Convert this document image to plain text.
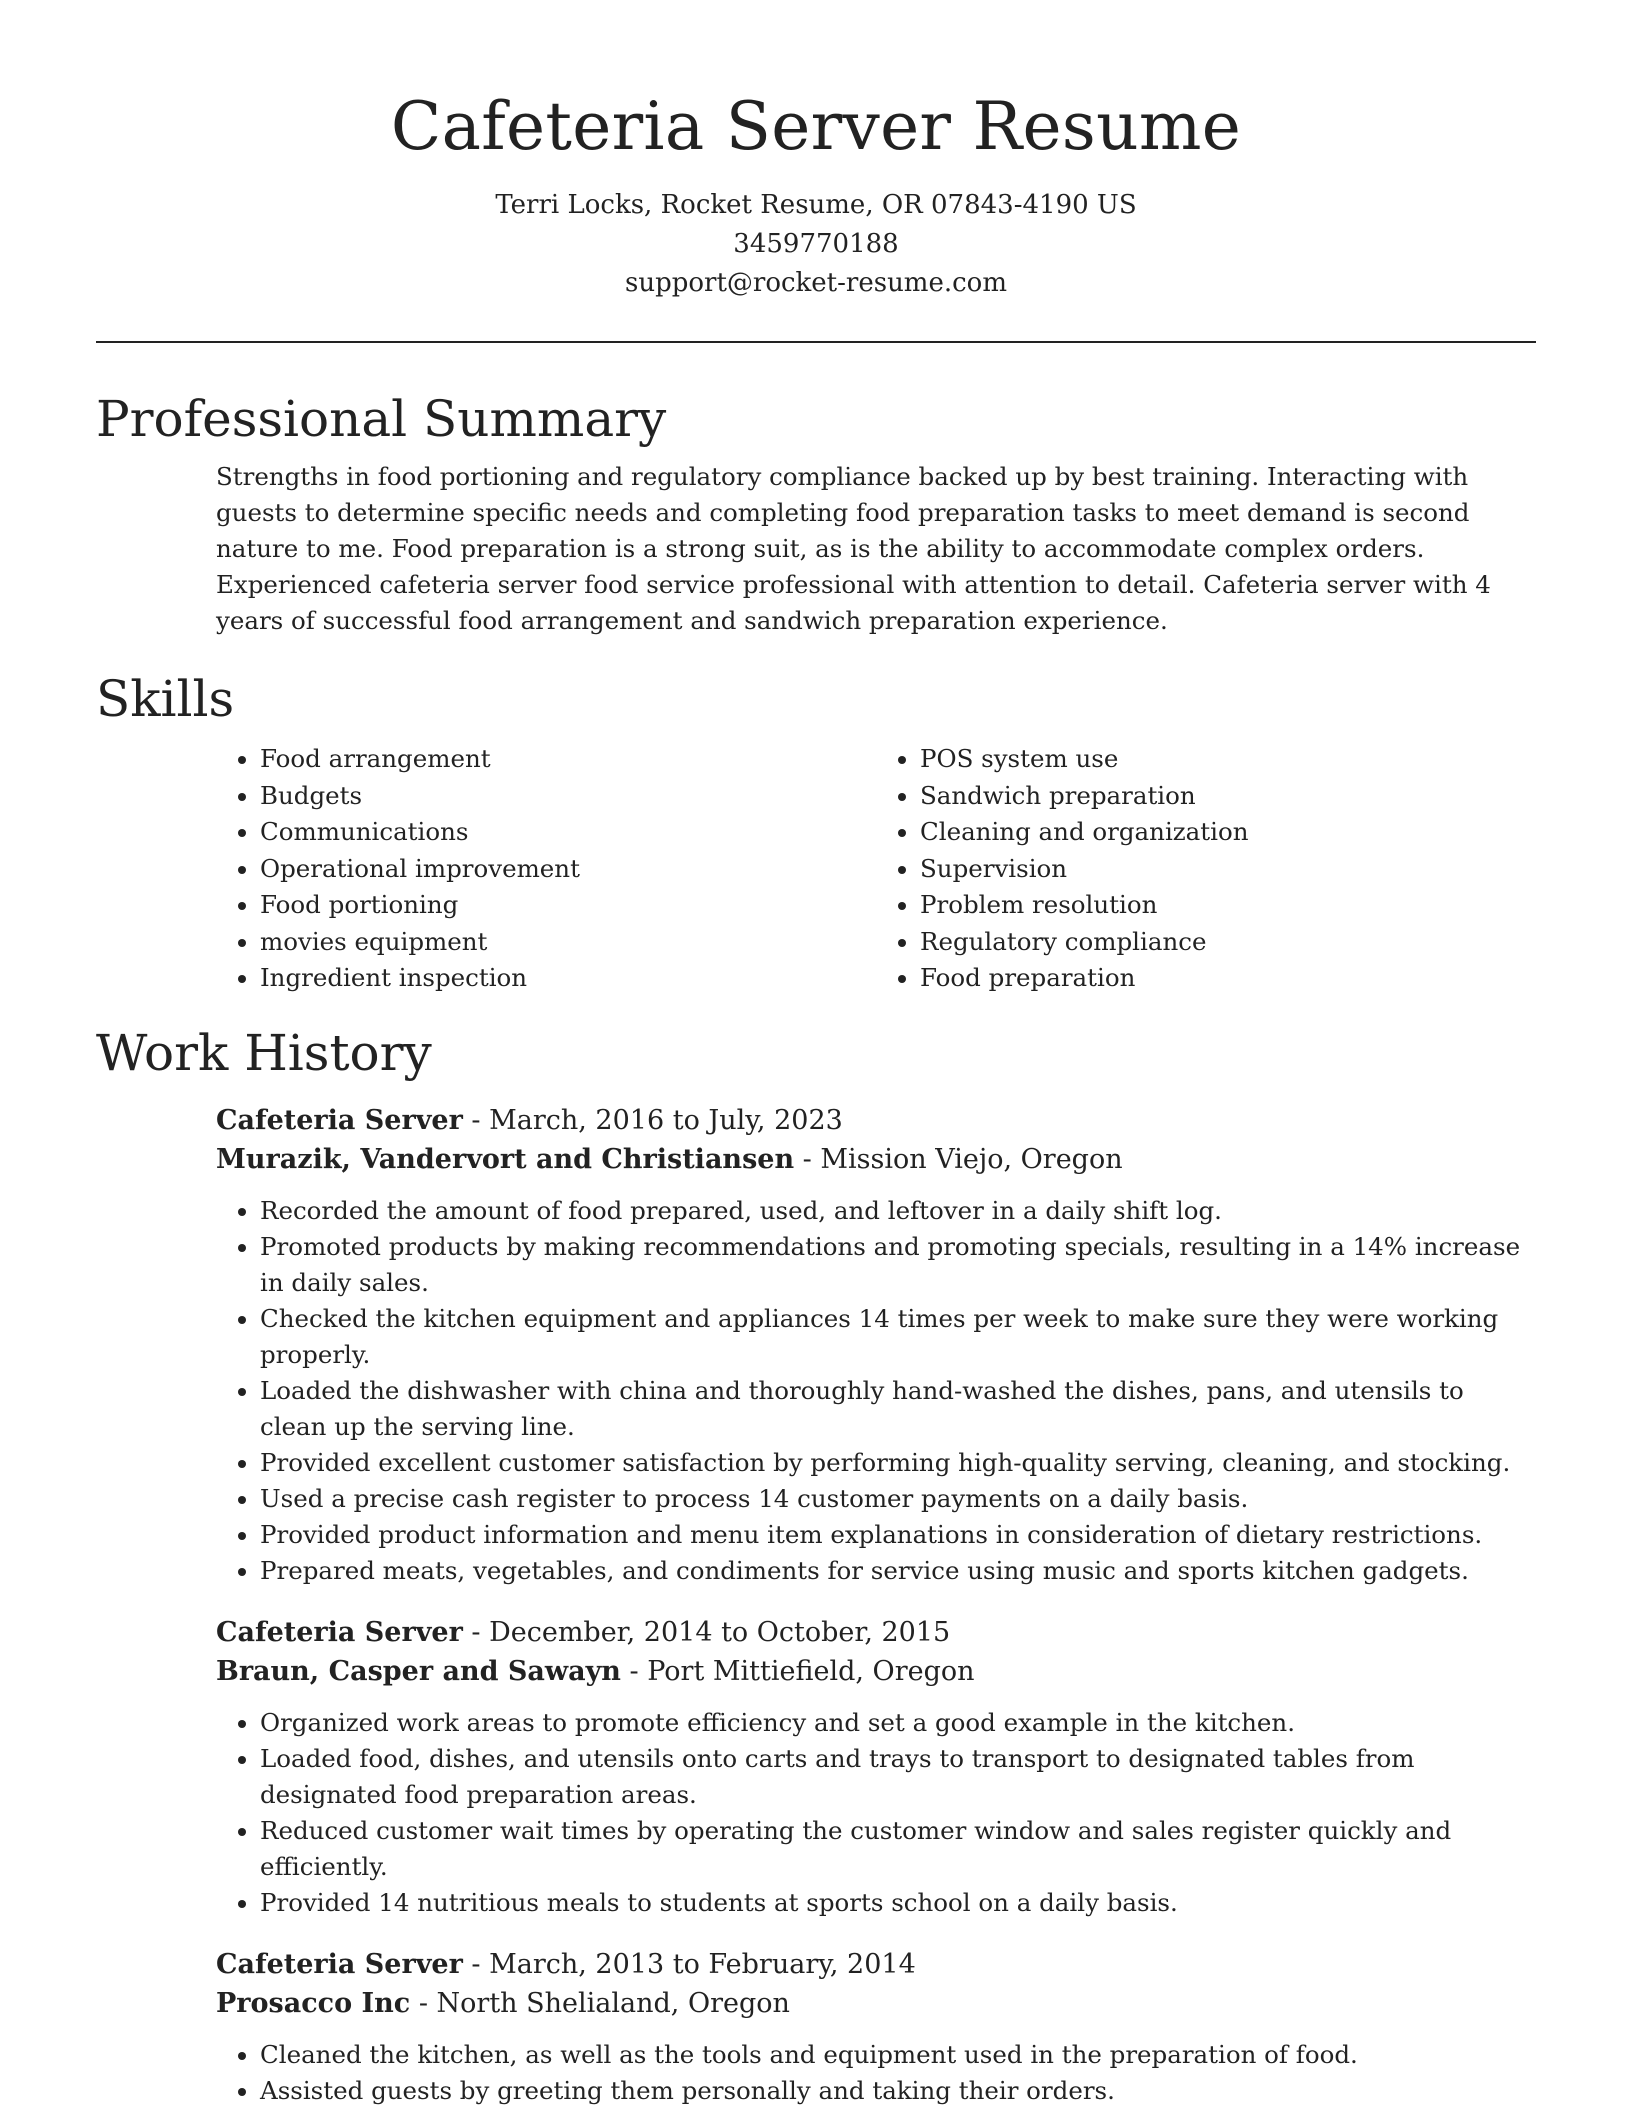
Cafeteria Server Resume
Terri Locks, Rocket Resume, OR 07843-4190 US
3459770188
support@rocket-resume.com
Professional Summary

Strengths in food portioning and regulatory compliance backed up by best training. Interacting with guests to determine specific needs and completing food preparation tasks to meet demand is second nature to me. Food preparation is a strong suit, as is the ability to accommodate complex orders. Experienced cafeteria server food service professional with attention to detail. Cafeteria server with 4 years of successful food arrangement and sandwich preparation experience.

Skills
• Food arrangement
• Budgets
• Communications
• Operational improvement
• Food portioning
• movies equipment
• Ingredient inspection
• POS system use
• Sandwich preparation
• Cleaning and organization
• Supervision
• Problem resolution
• Regulatory compliance
• Food preparation
Work History
Cafeteria Server - March, 2016 to July, 2023
Murazik, Vandervort and Christiansen - Mission Viejo, Oregon
• Recorded the amount of food prepared, used, and leftover in a daily shift log.
• Promoted products by making recommendations and promoting specials, resulting in a 14% increase in daily sales.
• Checked the kitchen equipment and appliances 14 times per week to make sure they were working properly.
• Loaded the dishwasher with china and thoroughly hand-washed the dishes, pans, and utensils to clean up the serving line.
• Provided excellent customer satisfaction by performing high-quality serving, cleaning, and stocking.
• Used a precise cash register to process 14 customer payments on a daily basis.
• Provided product information and menu item explanations in consideration of dietary restrictions.
• Prepared meats, vegetables, and condiments for service using music and sports kitchen gadgets.
Cafeteria Server - December, 2014 to October, 2015
Braun, Casper and Sawayn - Port Mittiefield, Oregon
• Organized work areas to promote efficiency and set a good example in the kitchen.
• Loaded food, dishes, and utensils onto carts and trays to transport to designated tables from designated food preparation areas.
• Reduced customer wait times by operating the customer window and sales register quickly and efficiently.
• Provided 14 nutritious meals to students at sports school on a daily basis.
Cafeteria Server - March, 2013 to February, 2014
Prosacco Inc - North Shelialand, Oregon
• Cleaned the kitchen, as well as the tools and equipment used in the preparation of food.
• Assisted guests by greeting them personally and taking their orders.
